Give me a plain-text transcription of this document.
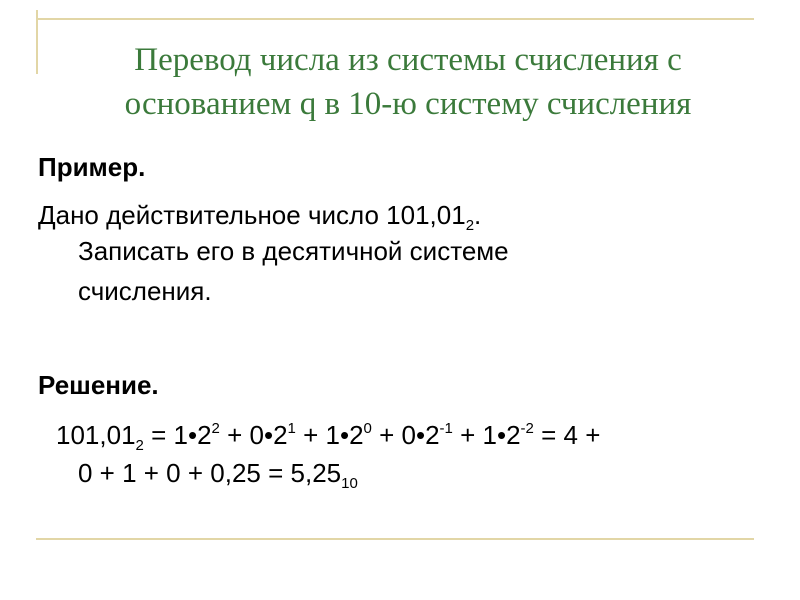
Перевод числа из системы счисления с
основанием q в 10-ю систему счисления
Пример.
Дано действительное число $101,01_2$.
Записать его в десятичной системе
счисления.
Решение.
$101,01_2$ = $1•2^2$ + $0•2^1$ + $1•2^0$ + $0•2^{-1}$ + $1•2^{-2} = 4$ +
$0 + 1 + 0 + 0,25 = 5,25_{10}$
